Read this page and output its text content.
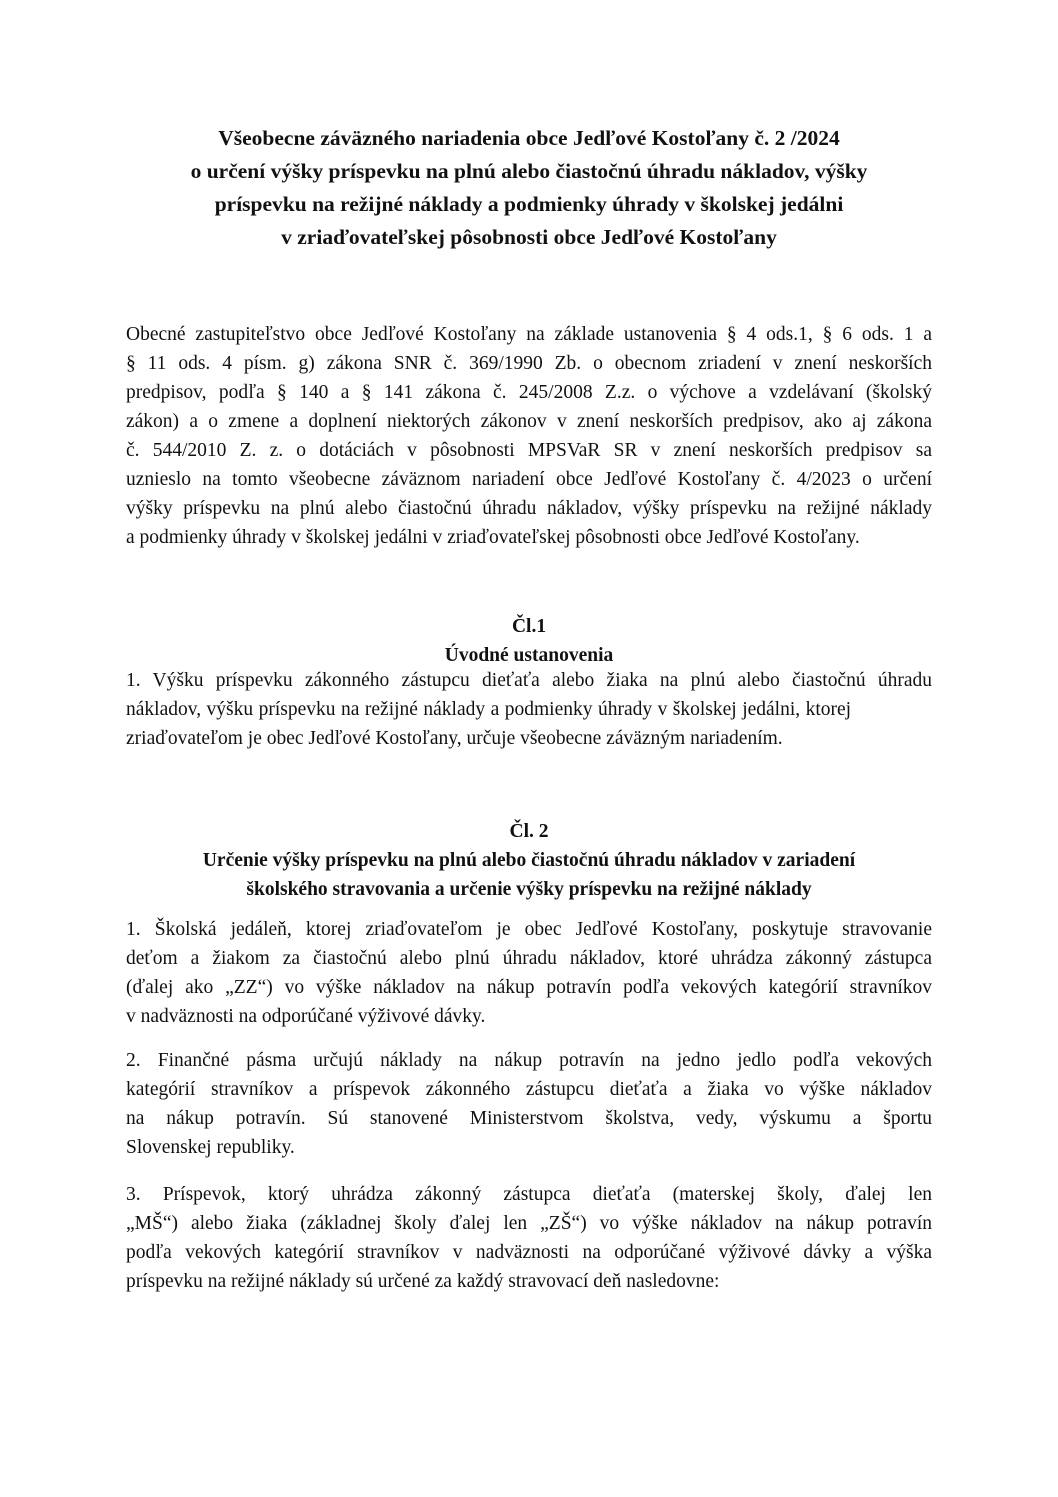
Všeobecne záväzného nariadenia obce Jedľové Kostoľany č. 2 /2024
o určení výšky príspevku na plnú alebo čiastočnú úhradu nákladov, výšky
príspevku na režijné náklady a podmienky úhrady v školskej jedálni
v zriaďovateľskej pôsobnosti obce Jedľové Kostoľany
Obecné zastupiteľstvo obce Jedľové Kostoľany na základe ustanovenia § 4 ods.1, § 6 ods. 1 a
§ 11 ods. 4 písm. g) zákona SNR č. 369/1990 Zb. o obecnom zriadení v znení neskorších
predpisov, podľa § 140 a § 141 zákona č. 245/2008 Z.z. o výchove a vzdelávaní (školský
zákon) a o zmene a doplnení niektorých zákonov v znení neskorších predpisov, ako aj zákona
č. 544/2010 Z. z. o dotáciách v pôsobnosti MPSVaR SR v znení neskorších predpisov sa
uznieslo na tomto všeobecne záväznom nariadení obce Jedľové Kostoľany č. 4/2023 o určení
výšky príspevku na plnú alebo čiastočnú úhradu nákladov, výšky príspevku na režijné náklady
a podmienky úhrady v školskej jedálni v zriaďovateľskej pôsobnosti obce Jedľové Kostoľany.
Čl.1
Úvodné ustanovenia
1. Výšku príspevku zákonného zástupcu dieťaťa alebo žiaka na plnú alebo čiastočnú úhradu
nákladov, výšku príspevku na režijné náklady a podmienky úhrady v školskej jedálni, ktorej
zriaďovateľom je obec Jedľové Kostoľany, určuje všeobecne záväzným nariadením.
Čl. 2
Určenie výšky príspevku na plnú alebo čiastočnú úhradu nákladov v zariadení
školského stravovania a určenie výšky príspevku na režijné náklady
1. Školská jedáleň, ktorej zriaďovateľom je obec Jedľové Kostoľany, poskytuje stravovanie
deťom a žiakom za čiastočnú alebo plnú úhradu nákladov, ktoré uhrádza zákonný zástupca
(ďalej ako „ZZ“) vo výške nákladov na nákup potravín podľa vekových kategórií stravníkov
v nadväznosti na odporúčané výživové dávky.
2. Finančné pásma určujú náklady na nákup potravín na jedno jedlo podľa vekových
kategórií stravníkov a príspevok zákonného zástupcu dieťaťa a žiaka vo výške nákladov
na nákup potravín. Sú stanovené Ministerstvom školstva, vedy, výskumu a športu
Slovenskej republiky.
3. Príspevok, ktorý uhrádza zákonný zástupca dieťaťa (materskej školy, ďalej len
„MŠ“) alebo žiaka (základnej školy ďalej len „ZŠ“) vo výške nákladov na nákup potravín
podľa vekových kategórií stravníkov v nadväznosti na odporúčané výživové dávky a výška
príspevku na režijné náklady sú určené za každý stravovací deň nasledovne:
